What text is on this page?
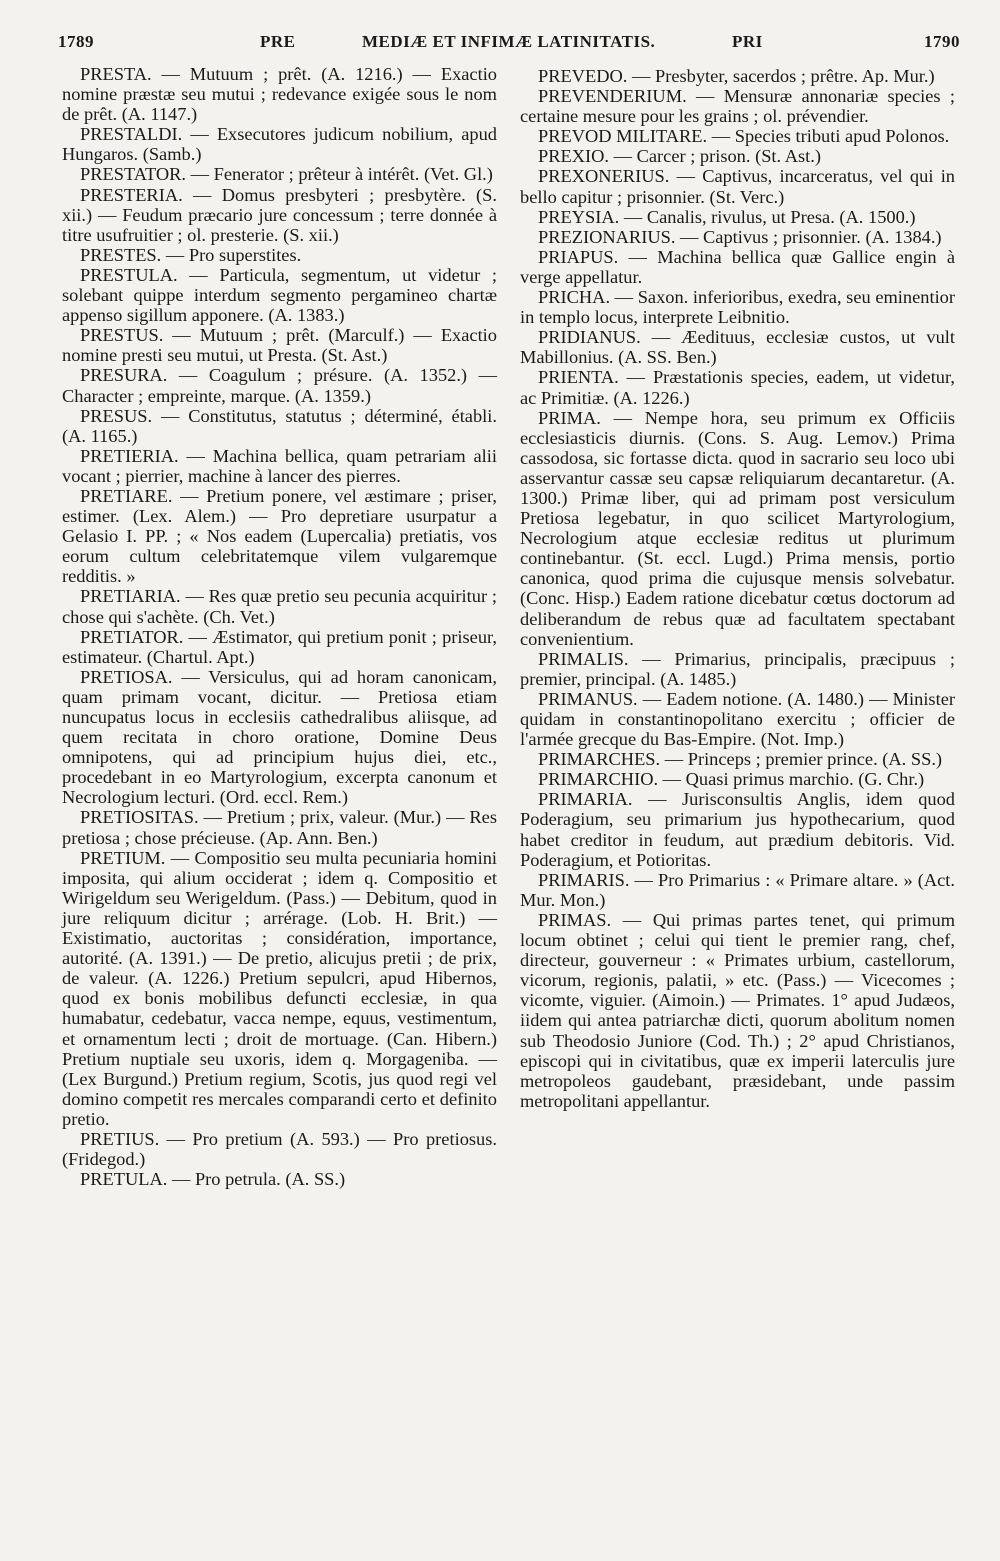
1789	PRE	MEDIÆ ET INFIMÆ LATINITATIS.	PRI	1790

PRESTA. — Mutuum ; prêt. (A. 1216.) — Exactio nomine præstæ seu mutui ; redevance exigée sous le nom de prêt. (A. 1147.)

PRESTALDI. — Exsecutores judicum nobilium, apud Hungaros. (Samb.)

PRESTATOR. — Fenerator ; prêteur à intérêt. (Vet. Gl.)

PRESTERIA. — Domus presbyteri ; presbytère. (S. xii.) — Feudum præcario jure concessum ; terre donnée à titre usufruitier ; ol. presterie. (S. xii.)

PRESTES. — Pro superstites.

PRESTULA. — Particula, segmentum, ut videtur ; solebant quippe interdum segmento pergamineo chartæ appenso sigillum apponere. (A. 1383.)

PRESTUS. — Mutuum ; prêt. (Marculf.) — Exactio nomine presti seu mutui, ut Presta. (St. Ast.)

PRESURA. — Coagulum ; présure. (A. 1352.) — Character ; empreinte, marque. (A. 1359.)

PRESUS. — Constitutus, statutus ; déterminé, établi. (A. 1165.)

PRETIERIA. — Machina bellica, quam petrariam alii vocant ; pierrier, machine à lancer des pierres.

PRETIARE. — Pretium ponere, vel æstimare ; priser, estimer. (Lex. Alem.) — Pro depretiare usurpatur a Gelasio I. PP. ; « Nos eadem (Lupercalia) pretiatis, vos eorum cultum celebritatemque vilem vulgaremque redditis. »

PRETIARIA. — Res quæ pretio seu pecunia acquiritur ; chose qui s'achète. (Ch. Vet.)

PRETIATOR. — Æstimator, qui pretium ponit ; priseur, estimateur. (Chartul. Apt.)

PRETIOSA. — Versiculus, qui ad horam canonicam, quam primam vocant, dicitur. — Pretiosa etiam nuncupatus locus in ecclesiis cathedralibus aliisque, ad quem recitata in choro oratione, Domine Deus omnipotens, qui ad principium hujus diei, etc., procedebant in eo Martyrologium, excerpta canonum et Necrologium lecturi. (Ord. eccl. Rem.)

PRETIOSITAS. — Pretium ; prix, valeur. (Mur.) — Res pretiosa ; chose précieuse. (Ap. Ann. Ben.)

PRETIUM. — Compositio seu multa pecuniaria homini imposita, qui alium occiderat ; idem q. Compositio et Wirigeldum seu Werigeldum. (Pass.) — Debitum, quod in jure reliquum dicitur ; arrérage. (Lob. H. Brit.) — Existimatio, auctoritas ; considération, importance, autorité. (A. 1391.) — De pretio, alicujus pretii ; de prix, de valeur. (A. 1226.) Pretium sepulcri, apud Hibernos, quod ex bonis mobilibus defuncti ecclesiæ, in qua humabatur, cedebatur, vacca nempe, equus, vestimentum, et ornamentum lecti ; droit de mortuage. (Can. Hibern.) Pretium nuptiale seu uxoris, idem q. Morgageniba. — (Lex Burgund.) Pretium regium, Scotis, jus quod regi vel domino competit res mercales comparandi certo et definito pretio.

PRETIUS. — Pro pretium (A. 593.) — Pro pretiosus. (Fridegod.)

PRETULA. — Pro petrula. (A. SS.)

PREVEDO. — Presbyter, sacerdos ; prêtre. Ap. Mur.)

PREVENDERIUM. — Mensuræ annonariæ species ; certaine mesure pour les grains ; ol. prévendier.

PREVOD MILITARE. — Species tributi apud Polonos.

PREXIO. — Carcer ; prison. (St. Ast.)

PREXONERIUS. — Captivus, incarceratus, vel qui in bello capitur ; prisonnier. (St. Verc.)

PREYSIA. — Canalis, rivulus, ut Presa. (A. 1500.)

PREZIONARIUS. — Captivus ; prisonnier. (A. 1384.)

PRIAPUS. — Machina bellica quæ Gallice engin à verge appellatur.

PRICHA. — Saxon. inferioribus, exedra, seu eminentior in templo locus, interprete Leibnitio.

PRIDIANUS. — Æedituus, ecclesiæ custos, ut vult Mabillonius. (A. SS. Ben.)

PRIENTA. — Præstationis species, eadem, ut videtur, ac Primitiæ. (A. 1226.)

PRIMA. — Nempe hora, seu primum ex Officiis ecclesiasticis diurnis. (Cons. S. Aug. Lemov.) Prima cassodosa, sic fortasse dicta. quod in sacrario seu loco ubi asservantur cassæ seu capsæ reliquiarum decantaretur. (A. 1300.) Primæ liber, qui ad primam post versiculum Pretiosa legebatur, in quo scilicet Martyrologium, Necrologium atque ecclesiæ reditus ut plurimum continebantur. (St. eccl. Lugd.) Prima mensis, portio canonica, quod prima die cujusque mensis solvebatur. (Conc. Hisp.) Eadem ratione dicebatur cœtus doctorum ad deliberandum de rebus quæ ad facultatem spectabant convenientium.

PRIMALIS. — Primarius, principalis, præcipuus ; premier, principal. (A. 1485.)

PRIMANUS. — Eadem notione. (A. 1480.) — Minister quidam in constantinopolitano exercitu ; officier de l'armée grecque du Bas-Empire. (Not. Imp.)

PRIMARCHES. — Princeps ; premier prince. (A. SS.)

PRIMARCHIO. — Quasi primus marchio. (G. Chr.)

PRIMARIA. — Jurisconsultis Anglis, idem quod Poderagium, seu primarium jus hypothecarium, quod habet creditor in feudum, aut prædium debitoris. Vid. Poderagium, et Potioritas.

PRIMARIS. — Pro Primarius : « Primare altare. » (Act. Mur. Mon.)

PRIMAS. — Qui primas partes tenet, qui primum locum obtinet ; celui qui tient le premier rang, chef, directeur, gouverneur : « Primates urbium, castellorum, vicorum, regionis, palatii, » etc. (Pass.) — Vicecomes ; vicomte, viguier. (Aimoin.) — Primates. 1° apud Judæos, iidem qui antea patriarchæ dicti, quorum abolitum nomen sub Theodosio Juniore (Cod. Th.) ; 2° apud Christianos, episcopi qui in civitatibus, quæ ex imperii laterculis jure metropoleos gaudebant, præsidebant, unde passim metropolitani appellantur.
